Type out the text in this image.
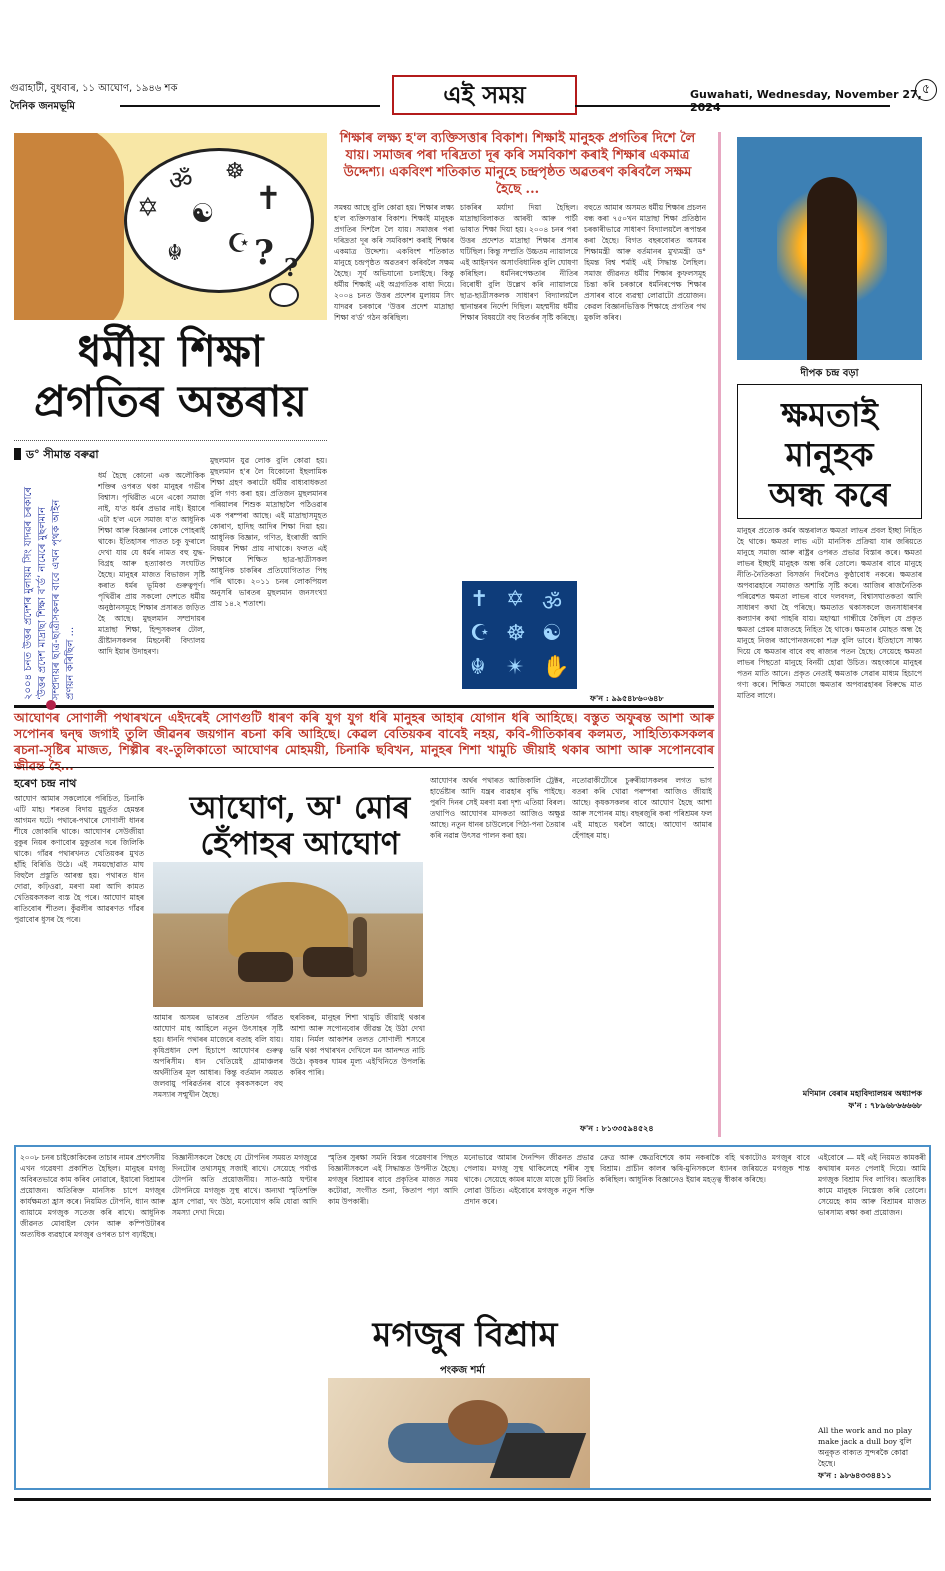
গুৱাহাটী, বুধবাৰ, ১১ আঘোণ, ১৯৪৬ শক
দৈনিক জনমভূমি	এই সময়	Guwahati, Wednesday, November 27, 2024
৫
ॐ ✝
✡ ☯
☪
☬
☸
? ?
শিক্ষাৰ লক্ষ্য হ'ল ব্যক্তিসত্তাৰ বিকাশ। শিক্ষাই মানুহক প্ৰগতিৰ দিশে লৈ যায়। সমাজৰ পৰা দৰিদ্ৰতা দূৰ কৰি সমবিকাশ কৰাই শিক্ষাৰ একমাত্ৰ উদ্দেশ্য। একবিংশ শতিকাত মানুহে চন্দ্ৰপৃষ্ঠত অৱতৰণ কৰিবলৈ সক্ষম হৈছে ...
ধৰ্মীয় শিক্ষা
প্ৰগতিৰ অন্তৰায়
ড° সীমান্ত বৰুৱা
২০০৪ চনত উত্তৰ প্ৰদেশৰ মুলায়ম সিং যাদৱৰ চৰকাৰে ‘উত্তৰ প্ৰদেশ মাদ্ৰাছা শিক্ষা ব’ৰ্ড’ নামেৰে মুছলমান সম্প্ৰদায়ৰ ছাত্ৰ-ছাত্ৰীসকলৰ বাবে এখন পৃথক আইন প্ৰণয়ন কৰিছিল ...
ধৰ্ম হৈছে কোনো এক অলৌকিক শক্তিৰ ওপৰত থকা মানুহৰ গভীৰ বিশ্বাস। পৃথিৱীত এনে একো সমাজ নাই, য'ত ধৰ্মৰ প্ৰভাৱ নাই। ইয়াৰে এটা হ'ল এনে সমাজ য'ত আধুনিক শিক্ষা আৰু বিজ্ঞানৰ লোকে পোহৰাই থাকে। ইতিহাসৰ পাতত চকু ফুৰালে দেখা যায় যে ধৰ্মৰ নামত বহু যুদ্ধ-বিগ্ৰহ আৰু হত্যাকাণ্ড সংঘটিত হৈছে। মানুহৰ মাজত বিভাজন সৃষ্টি কৰাত ধৰ্মৰ ভূমিকা গুৰুত্বপূৰ্ণ। পৃথিৱীৰ প্ৰায় সকলো দেশতে ধৰ্মীয় অনুষ্ঠানসমূহে শিক্ষাৰ প্ৰসাৰত জড়িত হৈ আছে। মুছলমান সম্প্ৰদায়ৰ মাদ্ৰাছা শিক্ষা, হিন্দুসকলৰ টোল, খ্ৰীষ্টানসকলৰ মিছনেৰী বিদ্যালয় আদি ইয়াৰ উদাহৰণ।
মুছলমান যুৱ লোক বুলি কোৱা হয়। মুছলমান হ'ৰ লৈ যিকোনো ইছলামিক শিক্ষা গ্ৰহণ কৰাটো ধৰ্মীয় বাধ্যবাধকতা বুলি গণ্য কৰা হয়। প্ৰতিজন মুছলমানৰ পৰিয়ালৰ শিশুক মাদ্ৰাছালৈ পঠিওৱাৰ এক পৰম্পৰা আছে। এই মাদ্ৰাছাসমূহত কোৰাণ, হাদিছ আদিৰ শিক্ষা দিয়া হয়। আধুনিক বিজ্ঞান, গণিত, ইংৰাজী আদি বিষয়ৰ শিক্ষা প্ৰায় নাথাকে। ফলত এই শিক্ষাৰে শিক্ষিত ছাত্ৰ-ছাত্ৰীসকল আধুনিক চাকৰিৰ প্ৰতিযোগিতাত পিছ পৰি থাকে। ২০১১ চনৰ লোকপিয়ল অনুসৰি ভাৰতৰ মুছলমান জনসংখ্যা প্ৰায় ১৪.২ শতাংশ।
সমন্বয় আছে বুলি কোৱা হয়। শিক্ষাৰ লক্ষ্য হ'ল ব্যক্তিসত্তাৰ বিকাশ। শিক্ষাই মানুহক প্ৰগতিৰ দিশলৈ লৈ যায়। সমাজৰ পৰা দৰিদ্ৰতা দূৰ কৰি সমবিকাশ কৰাই শিক্ষাৰ একমাত্ৰ উদ্দেশ্য। একবিংশ শতিকাত মানুহে চন্দ্ৰপৃষ্ঠত অৱতৰণ কৰিবলৈ সক্ষম হৈছে। সূৰ্য অভিযানো চলাইছে। কিন্তু ধৰ্মীয় শিক্ষাই এই অগ্ৰগতিক বাধা দিয়ে। ২০০৪ চনত উত্তৰ প্ৰদেশৰ মুলায়ম সিং যাদৱৰ চৰকাৰে 'উত্তৰ প্ৰদেশ মাদ্ৰাছা শিক্ষা ব'ৰ্ড' গঠন কৰিছিল।
চাকৰিৰ মৰ্যাদা দিয়া হৈছিল। মাদ্ৰাছাবিলাকত আৰবী আৰু পাৰ্চী ভাষাত শিক্ষা দিয়া হয়। ২০০৪ চনৰ পৰা উত্তৰ প্ৰদেশত মাদ্ৰাছা শিক্ষাৰ প্ৰসাৰ ঘটিছিল। কিন্তু সম্প্ৰতি উচ্চতম ন্যায়ালয়ে এই আইনখন অসাংবিধানিক বুলি ঘোষণা কৰিছিল। ধৰ্মনিৰপেক্ষতাৰ নীতিৰ বিৰোধী বুলি উল্লেখ কৰি ন্যায়ালয়ে ছাত্ৰ-ছাত্ৰীসকলক সাধাৰণ বিদ্যালয়লৈ স্থানান্তৰৰ নিৰ্দেশ দিছিল। মহম্মদীয় ধৰ্মীয় শিক্ষাৰ বিষয়টো বহু বিতৰ্কৰ সৃষ্টি কৰিছে।
বহুতে আমাৰ অসমত ধৰ্মীয় শিক্ষাৰ প্ৰচলন বন্ধ কৰা ৭৫০খন মাদ্ৰাছা শিক্ষা প্ৰতিষ্ঠান চৰকাৰীভাৱে সাধাৰণ বিদ্যালয়লৈ ৰূপান্তৰ কৰা হৈছে। বিগত বছৰবোৰত অসমৰ শিক্ষামন্ত্ৰী আৰু বৰ্তমানৰ মুখ্যমন্ত্ৰী ড° হিমন্ত বিশ্ব শৰ্মাই এই সিদ্ধান্ত লৈছিল। সমাজ জীৱনত ধৰ্মীয় শিক্ষাৰ কুফলসমূহ চিন্তা কৰি চৰকাৰে ধৰ্মনিৰপেক্ষ শিক্ষাৰ প্ৰসাৰৰ বাবে ব্যৱস্থা লোৱাটো প্ৰয়োজন। কেৱল বিজ্ঞানভিত্তিক শিক্ষাহে প্ৰগতিৰ পথ মুকলি কৰিব।
✝ ✡ ॐ
☪ ☸ ☯
☬ ✴ ✋
ফ'ন : ৯৯৫৪৮৬০৬৪৮
দীপক চন্দ্ৰ বড়া
ক্ষমতাই
মানুহক
অন্ধ কৰে
মানুহৰ প্ৰত্যেক কৰ্মৰ অন্তৰালত ক্ষমতা লাভৰ প্ৰবল ইচ্ছা নিহিত হৈ থাকে। ক্ষমতা লাভ এটা মানসিক প্ৰক্ৰিয়া যাৰ জৰিয়তে মানুহে সমাজ আৰু ৰাষ্ট্ৰৰ ওপৰত প্ৰভাৱ বিস্তাৰ কৰে। ক্ষমতা লাভৰ ইচ্ছাই মানুহক অন্ধ কৰি তোলে। ক্ষমতাৰ বাবে মানুহে নীতি-নৈতিকতা বিসৰ্জন দিবলৈও কুণ্ঠাবোধ নকৰে। ক্ষমতাৰ অপব্যৱহাৰে সমাজত অশান্তি সৃষ্টি কৰে। আজিৰ ৰাজনৈতিক পৰিৱেশত ক্ষমতা লাভৰ বাবে দলবদল, বিশ্বাসঘাতকতা আদি সাধাৰণ কথা হৈ পৰিছে। ক্ষমতাত থকাসকলে জনসাধাৰণৰ কল্যাণৰ কথা পাহৰি যায়। মহাত্মা গান্ধীয়ে কৈছিল যে প্ৰকৃত ক্ষমতা প্ৰেমৰ মাজতহে নিহিত হৈ থাকে। ক্ষমতাৰ মোহত অন্ধ হৈ মানুহে নিজৰ আপোনজনকো শত্ৰু বুলি ভাবে। ইতিহাসে সাক্ষ্য দিয়ে যে ক্ষমতাৰ বাবে বহু ৰাজ্যৰ পতন হৈছে। সেয়েহে ক্ষমতা লাভৰ পিছতো মানুহে বিনয়ী হোৱা উচিত। অহংকাৰে মানুহৰ পতন মাতি আনে। প্ৰকৃত নেতাই ক্ষমতাক সেৱাৰ মাধ্যম হিচাপে গণ্য কৰে। শিক্ষিত সমাজে ক্ষমতাৰ অপব্যৱহাৰৰ বিৰুদ্ধে মাত মাতিব লাগে।
মণিমান বেৰাৰ মহাবিদ্যালয়ৰ অধ্যাপক
ফ'ন : ৭৮৯৬৮৬৬৬৬৮
আঘোণৰ সোণালী পথাৰখনে এইদৰেই সোণগুটি ধাৰণ কৰি যুগ যুগ ধৰি মানুহৰ আহাৰ যোগান ধৰি আহিছে। বস্তুত অফুৰন্ত আশা আৰু সপোনৰ দ্বন্দ্ব জগাই তুলি জীৱনৰ জয়গান ৰচনা কৰি আহিছে। কেৱল বেতিয়কৰ বাবেই নহয়, কবি-গীতিকাৰৰ কলমত, সাহিত্যিকসকলৰ ৰচনা-সৃষ্টিৰ মাজত, শিল্পীৰ ৰং-তুলিকাতো আঘোণৰ মোহময়ী, চিনাকি ছবিখন, মানুহৰ শিশা খামুচি জীয়াই থকাৰ আশা আৰু সপোনবোৰ জীৱন্ত হৈ...
হৰেণ চন্দ্ৰ নাথ
আঘোণ, অ' মোৰ
হেঁপাহৰ আঘোণ
আঘোণ আমাৰ সকলোৰে পৰিচিত, চিনাকি এটি মাহ। শৰতৰ বিদায় মুহূৰ্তত হেমন্তৰ আগমন ঘটে। পথাৰে-পথাৰে সোণালী ধানৰ শীষে জোকাৰি থাকে। আঘোণৰ সেউজীয়া বুকুৰ নিয়ৰ কণাবোৰ মুকুতাৰ দৰে জিলিকি থাকে। গাঁৱৰ পথাৰখনত খেতিয়কৰ মুখত হাঁহি বিৰিঙি উঠে। এই সময়ছোৱাত মাঘ বিহুলৈ প্ৰস্তুতি আৰম্ভ হয়। পথাৰত ধান দোৱা, কঢ়িওৱা, মৰণা মৰা আদি কামত খেতিয়কসকল ব্যস্ত হৈ পৰে। আঘোণ মাহৰ ৰাতিবোৰ শীতল। কুঁৱলীৰ আৱৰণত গাঁৱৰ পুৱাবোৰ ধুসৰ হৈ পৰে।
আমাৰ অসমৰ ভাৰতৰ প্ৰতিখন গাঁৱত আঘোণ মাহ আহিলে নতুন উৎসাহৰ সৃষ্টি হয়। ধাননি পথাৰৰ মাজেৰে বতাহ বলি যায়। কৃষিপ্ৰধান দেশ হিচাপে আঘোণৰ গুৰুত্ব অপৰিসীম। ধান খেতিয়েই গ্ৰামাঞ্চলৰ অৰ্থনীতিৰ মূল আধাৰ। কিন্তু বৰ্তমান সময়ত জলবায়ু পৰিৱৰ্তনৰ বাবে কৃষকসকলে বহু সমস্যাৰ সন্মুখীন হৈছে।
হুৰবিকৰ, মানুহৰ শিশা খামুচি জীয়াই থকাৰ আশা আৰু সপোনবোৰ জীৱন্ত হৈ উঠা দেখা যায়। নিৰ্মল আকাশৰ তলত সোণালী শস্যৰে ভৰি থকা পথাৰখন দেখিলে মন আনন্দত নাচি উঠে। কৃষকৰ ঘামৰ মূল্য এইখিনিতে উপলব্ধি কৰিব পাৰি।
আঘোণৰ অৰ্থৰ পথাৰত আজিকালি ট্ৰেক্টৰ, হাৰ্ভেষ্টাৰ আদি যন্ত্ৰৰ ব্যৱহাৰ বৃদ্ধি পাইছে। পুৰণি দিনৰ সেই মৰণা মৰা দৃশ্য এতিয়া বিৰল। তথাপিও আঘোণৰ মাদকতা আজিও অক্ষুণ্ণ আছে। নতুন ধানৰ চাউলেৰে পিঠা-পনা তৈয়াৰ কৰি নৱান্ন উৎসৱ পালন কৰা হয়।
নতোৱাকীৰ্টোৰে চুৰুৰীয়াসকলৰ লগত ভাগ বতৰা কৰি খোৱা পৰম্পৰা আজিও জীয়াই আছে। কৃষকসকলৰ বাবে আঘোণ হৈছে আশা আৰু সপোনৰ মাহ। বছৰজুৰি কৰা পৰিশ্ৰমৰ ফল এই মাহতে ঘৰলৈ আহে। আঘোণ আমাৰ হেঁপাহৰ মাহ।
ফ'ন : ৮১৩৩৫৯৪৫২৪
২০০৮ চনৰ চাইকোকিকেৰ তাচাৰ নামৰ প্ৰশংসনীয় এখন গৱেষণা প্ৰকাশিত হৈছিল। মানুহৰ মগজু অবিৰতভাৱে কাম কৰিব নোৱাৰে, ইয়াৰো বিশ্ৰামৰ প্ৰয়োজন। অতিৰিক্ত মানসিক চাপে মগজুৰ কাৰ্যক্ষমতা হ্ৰাস কৰে। নিয়মিত টোপনি, ধ্যান আৰু ব্যায়ামে মগজুক সতেজ কৰি ৰাখে। আধুনিক জীৱনত মোবাইল ফোন আৰু কম্পিউটাৰৰ অত্যধিক ব্যৱহাৰে মগজুৰ ওপৰত চাপ বঢ়াইছে।
বিজ্ঞানীসকলে কৈছে যে টোপনিৰ সময়ত মগজুৱে দিনটোৰ তথ্যসমূহ সজাই ৰাখে। সেয়েহে পৰ্যাপ্ত টোপনি অতি প্ৰয়োজনীয়। সাত-আঠ ঘণ্টাৰ টোপনিয়ে মগজুক সুস্থ ৰাখে। অন্যথা স্মৃতিশক্তি হ্ৰাস পোৱা, খং উঠা, মনোযোগ কমি যোৱা আদি সমস্যা দেখা দিয়ে।
স্মৃতিৰ সুৰক্ষা সমনি বিস্তৰ গৱেষণাৰ পিছত বিজ্ঞানীসকলে এই সিদ্ধান্তত উপনীত হৈছে। মগজুৰ বিশ্ৰামৰ বাবে প্ৰকৃতিৰ মাজত সময় কটোৱা, সংগীত শুনা, কিতাপ পঢ়া আদি কাম উপকাৰী।
মনোভাৱে আমাৰ দৈনন্দিন জীৱনত প্ৰভাৱ পেলায়। মগজু সুস্থ থাকিলেহে শৰীৰ সুস্থ থাকে। সেয়েহে কামৰ মাজে মাজে চুটি বিৰতি লোৱা উচিত। এইবোৰে মগজুক নতুন শক্তি প্ৰদান কৰে।
মগজুৰ বিশ্ৰাম
পংকজ শৰ্মা
ক্ৰেত্ৰ আৰু ক্ষেত্ৰবিশেষে কাম নকৰাকৈ বহি থকাটোও মগজুৰ বাবে বিশ্ৰাম। প্ৰাচীন কালৰ ঋষি-মুনিসকলে ধ্যানৰ জৰিয়তে মগজুক শান্ত কৰিছিল। আধুনিক বিজ্ঞানেও ইয়াৰ মহত্ত্ব স্বীকাৰ কৰিছে।
এইবোৰে — মই এই নিয়মত কামকৰী কথাষাৰ মনত পেলাই দিয়ে। আমি মগজুক বিশ্ৰাম দিব লাগিব। অত্যধিক কামে মানুহক নিস্তেজ কৰি তোলে। সেয়েহে কাম আৰু বিশ্ৰামৰ মাজত ভাৰসাম্য ৰক্ষা কৰা প্ৰয়োজন।
All the work and no play make jack a dull boy বুলি অনুকৃত বাক্যত সুন্দৰকৈ কোৱা হৈছে।
ফ'ন : ৯৮৬৪৩৩৪৪১১
